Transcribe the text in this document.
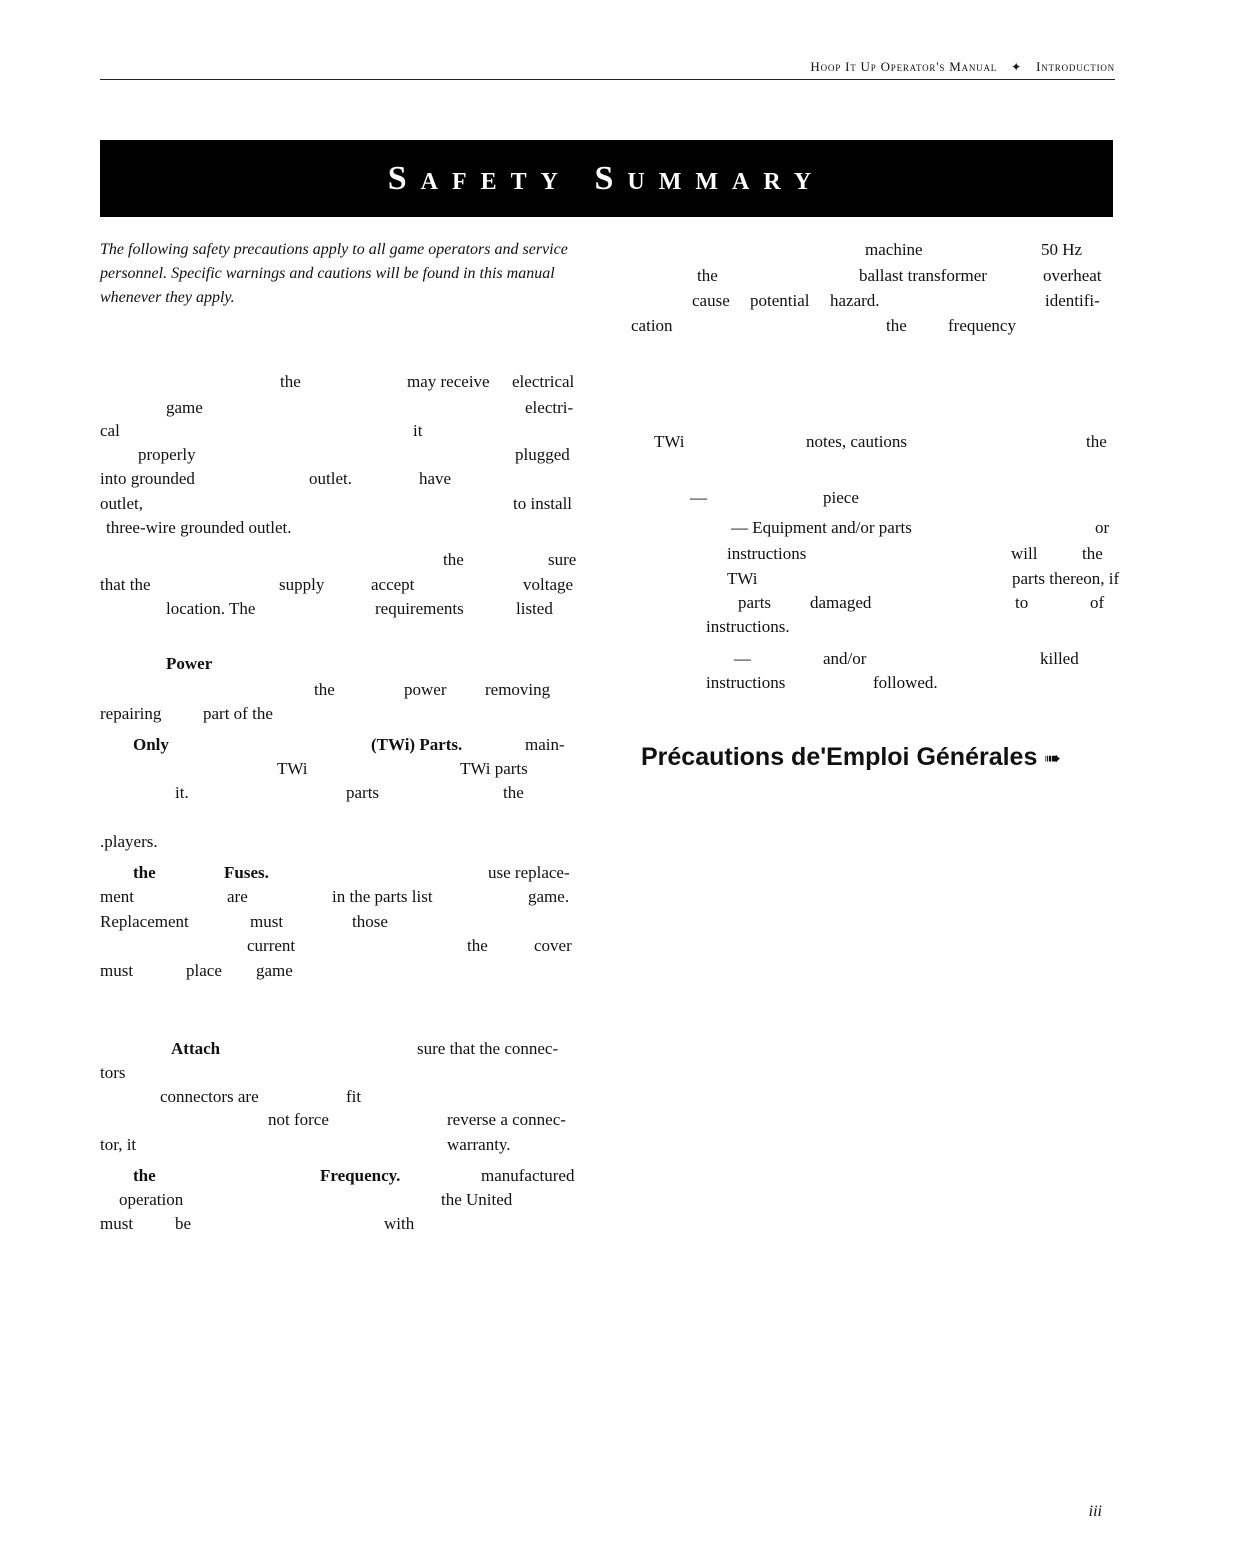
Hoop It Up Operator's Manual ✦ Introduction
Safety Summary
The following safety precautions apply to all game operators and service personnel. Specific warnings and cautions will be found in this manual whenever they apply.
the	may receive electrical
game	electri-
cal	it
properly	plugged
into grounded	outlet.	have
outlet,	to install
three-wire grounded outlet.
the	sure
that the	supply	accept	voltage
location. The	requirements	listed
Power
the	power removing
repairing part of the
Only	(TWi) Parts.	main-
TWi	TWi parts
it.	parts	the
.players.
the	Fuses.	use replace-
ment	are	in the parts list	game.
Replacement	must	those
current	the	cover
must	place game
Attach	sure that the connec-
tors
connectors are	fit
not force	reverse a connec-
tor, it	warranty.
the	Frequency.	manufactured
operation	the United
must be	with
machine	50 Hz
the	ballast transformer	overheat
cause potential hazard.	identifi-
cation	the frequency
TWi	notes, cautions	the
—	piece
— Equipment and/or parts	or
instructions	will	the
TWi	parts thereon, if
parts damaged	to	of
instructions.
—	and/or	killed
instructions	followed.
Précautions de'Emploi Générales ➠
iii
